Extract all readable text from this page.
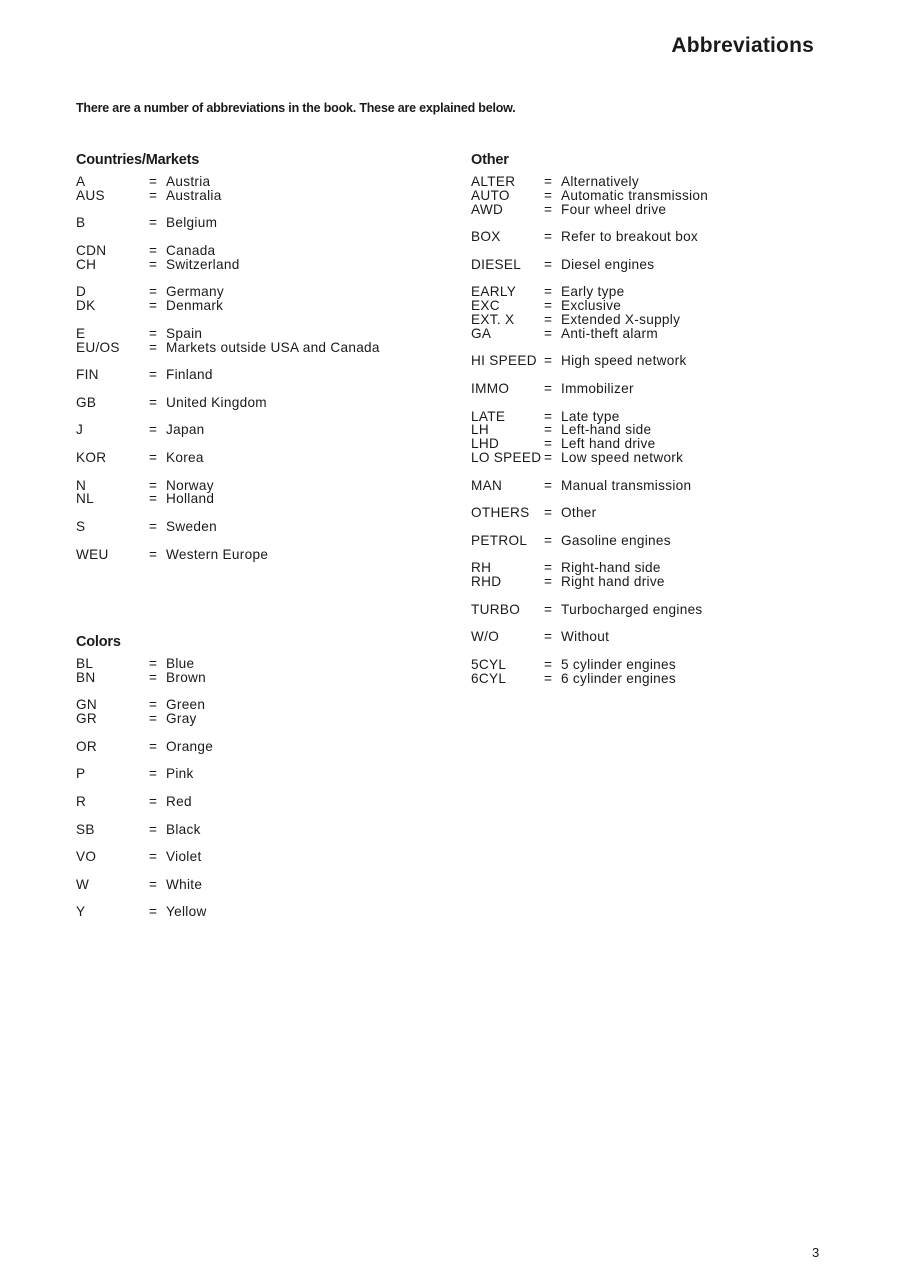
Abbreviations
There are a number of abbreviations in the book. These are explained below.
Countries/Markets
A	= Austria
AUS	= Australia
B	= Belgium
CDN	= Canada
CH	= Switzerland
D	= Germany
DK	= Denmark
E	= Spain
EU/OS = Markets outside USA and Canada
FIN	= Finland
GB	= United Kingdom
J	= Japan
KOR	= Korea
N	= Norway
NL	= Holland
S	= Sweden
WEU	= Western Europe
Colors
BL	= Blue
BN	= Brown
GN	= Green
GR	= Gray
OR	= Orange
P	= Pink
R	= Red
SB	= Black
VO	= Violet
W	= White
Y	= Yellow
Other
ALTER = Alternatively
AUTO	= Automatic transmission
AWD	= Four wheel drive
BOX	= Refer to breakout box
DIESEL = Diesel engines
EARLY = Early type
EXC	= Exclusive
EXT. X = Extended X-supply
GA	= Anti-theft alarm
HI SPEED = High speed network
IMMO	= Immobilizer
LATE	= Late type
LH	= Left-hand side
LHD	= Left hand drive
LO SPEED = Low speed network
MAN	= Manual transmission
OTHERS = Other
PETROL = Gasoline engines
RH	= Right-hand side
RHD	= Right hand drive
TURBO = Turbocharged engines
W/O	= Without
5CYL	= 5 cylinder engines
6CYL	= 6 cylinder engines
3
